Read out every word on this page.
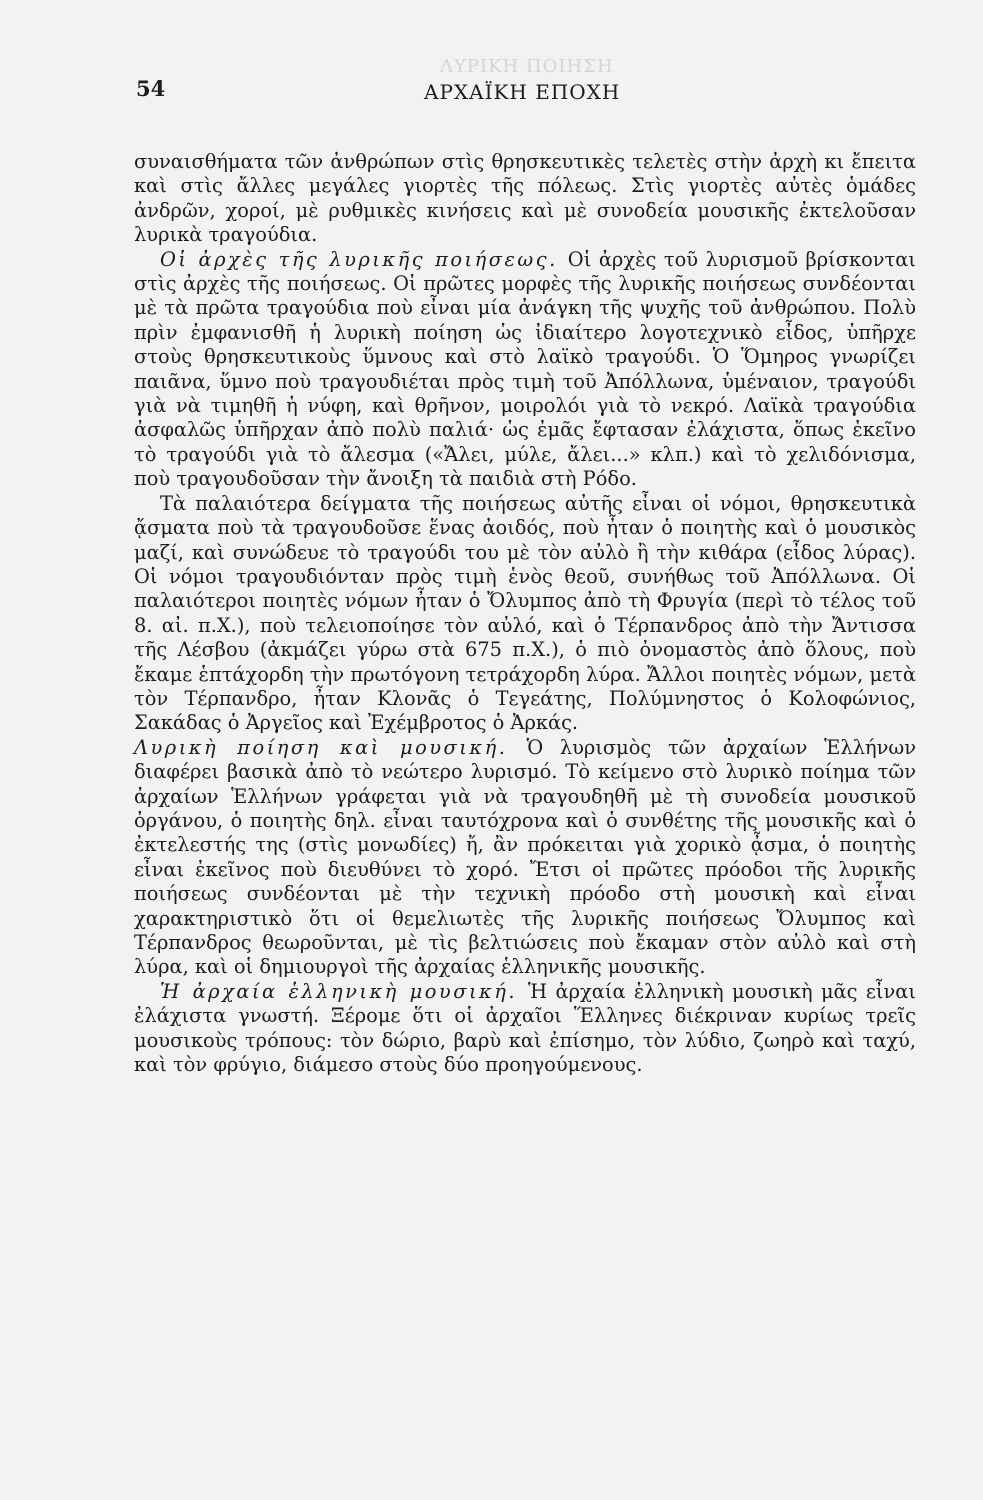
ΛΥΡΙΚΗ ΠΟΙΗΣΗ
54	ΑΡΧΑΪΚΗ ΕΠΟΧΗ

συναισθήματα τῶν ἀνθρώπων στὶς θρησκευτικὲς τελετὲς στὴν ἀρχὴ κι ἔπειτα καὶ στὶς ἄλλες μεγάλες γιορτὲς τῆς πόλεως. Στὶς γιορτὲς αὐτὲς ὁμάδες ἀνδρῶν, χοροί, μὲ ρυθμικὲς κινήσεις καὶ μὲ συνοδεία μουσικῆς ἐκτελοῦσαν λυρικὰ τραγούδια.

Οἱ ἀρχὲς τῆς λυρικῆς ποιήσεως. Οἱ ἀρχὲς τοῦ λυρισμοῦ βρίσκονται στὶς ἀρχὲς τῆς ποιήσεως. Οἱ πρῶτες μορφὲς τῆς λυρικῆς ποιήσεως συνδέονται μὲ τὰ πρῶτα τραγούδια ποὺ εἶναι μία ἀνάγκη τῆς ψυχῆς τοῦ ἀνθρώπου. Πολὺ πρὶν ἐμφανισθῆ ἡ λυρικὴ ποίηση ὡς ἰδιαίτερο λογοτεχνικὸ εἶδος, ὑπῆρχε στοὺς θρησκευτικοὺς ὕμνους καὶ στὸ λαϊκὸ τραγούδι. Ὁ Ὅμηρος γνωρίζει παιᾶνα, ὕμνο ποὺ τραγουδιέται πρὸς τιμὴ τοῦ Ἀπόλλωνα, ὑμέναιον, τραγούδι γιὰ νὰ τιμηθῆ ἡ νύφη, καὶ θρῆνον, μοιρολόι γιὰ τὸ νεκρό. Λαϊκὰ τραγούδια ἀσφαλῶς ὑπῆρχαν ἀπὸ πολὺ παλιά· ὡς ἐμᾶς ἔφτασαν ἐλάχιστα, ὅπως ἐκεῖνο τὸ τραγούδι γιὰ τὸ ἄλεσμα («Ἄλει, μύλε, ἄλει...» κλπ.) καὶ τὸ χελιδόνισμα, ποὺ τραγουδοῦσαν τὴν ἄνοιξη τὰ παιδιὰ στὴ Ρόδο.

Τὰ παλαιότερα δείγματα τῆς ποιήσεως αὐτῆς εἶναι οἱ νόμοι, θρησκευτικὰ ᾄσματα ποὺ τὰ τραγουδοῦσε ἕνας ἀοιδός, ποὺ ἦταν ὁ ποιητὴς καὶ ὁ μουσικὸς μαζί, καὶ συνώδευε τὸ τραγούδι του μὲ τὸν αὐλὸ ἢ τὴν κιθάρα (εἶδος λύρας). Οἱ νόμοι τραγουδιόνταν πρὸς τιμὴ ἑνὸς θεοῦ, συνήθως τοῦ Ἀπόλλωνα. Οἱ παλαιότεροι ποιητὲς νόμων ἦταν ὁ Ὄλυμπος ἀπὸ τὴ Φρυγία (περὶ τὸ τέλος τοῦ 8. αἰ. π.Χ.), ποὺ τελειοποίησε τὸν αὐλό, καὶ ὁ Τέρπανδρος ἀπὸ τὴν Ἄντισσα τῆς Λέσβου (ἀκμάζει γύρω στὰ 675 π.Χ.), ὁ πιὸ ὀνομαστὸς ἀπὸ ὅλους, ποὺ ἔκαμε ἑπτάχορδη τὴν πρωτόγονη τετράχορδη λύρα. Ἄλλοι ποιητὲς νόμων, μετὰ τὸν Τέρπανδρο, ἦταν Κλονᾶς ὁ Τεγεάτης, Πολύμνηστος ὁ Κολοφώνιος, Σακάδας ὁ Ἀργεῖος καὶ Ἐχέμβροτος ὁ Ἀρκάς.

Λυρικὴ ποίηση καὶ μουσική. Ὁ λυρισμὸς τῶν ἀρχαίων Ἑλλήνων διαφέρει βασικὰ ἀπὸ τὸ νεώτερο λυρισμό. Τὸ κείμενο στὸ λυρικὸ ποίημα τῶν ἀρχαίων Ἑλλήνων γράφεται γιὰ νὰ τραγουδηθῆ μὲ τὴ συνοδεία μουσικοῦ ὀργάνου, ὁ ποιητὴς δηλ. εἶναι ταυτόχρονα καὶ ὁ συνθέτης τῆς μουσικῆς καὶ ὁ ἐκτελεστής της (στὶς μονωδίες) ἤ, ἂν πρόκειται γιὰ χορικὸ ᾆσμα, ὁ ποιητὴς εἶναι ἐκεῖνος ποὺ διευθύνει τὸ χορό. Ἔτσι οἱ πρῶτες πρόοδοι τῆς λυρικῆς ποιήσεως συνδέονται μὲ τὴν τεχνικὴ πρόοδο στὴ μουσικὴ καὶ εἶναι χαρακτηριστικὸ ὅτι οἱ θεμελιωτὲς τῆς λυρικῆς ποιήσεως Ὄλυμπος καὶ Τέρπανδρος θεωροῦνται, μὲ τὶς βελτιώσεις ποὺ ἔκαμαν στὸν αὐλὸ καὶ στὴ λύρα, καὶ οἱ δημιουργοὶ τῆς ἀρχαίας ἑλληνικῆς μουσικῆς.

Ἡ ἀρχαία ἑλληνικὴ μουσική. Ἡ ἀρχαία ἑλληνικὴ μουσικὴ μᾶς εἶναι ἐλάχιστα γνωστή. Ξέρομε ὅτι οἱ ἀρχαῖοι Ἕλληνες διέκριναν κυρίως τρεῖς μουσικοὺς τρόπους: τὸν δώριο, βαρὺ καὶ ἐπίσημο, τὸν λύδιο, ζωηρὸ καὶ ταχύ, καὶ τὸν φρύγιο, διάμεσο στοὺς δύο προηγούμενους.
